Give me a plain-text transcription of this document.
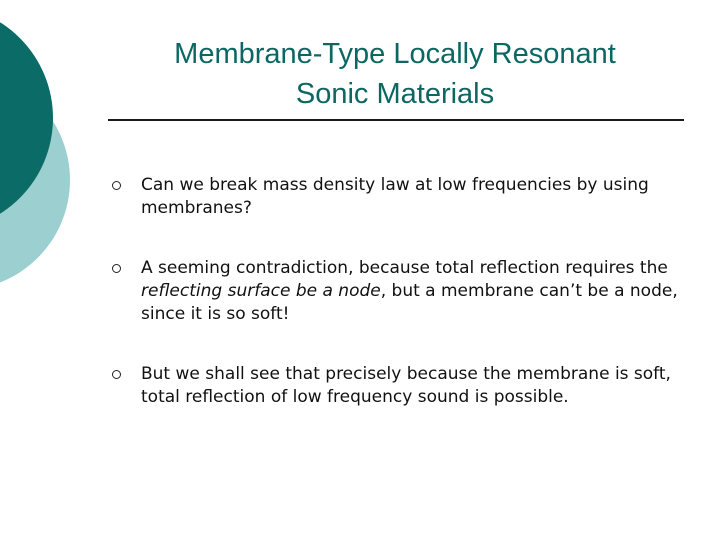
Membrane-Type Locally Resonant
Sonic Materials
Can we break mass density law at low frequencies by using membranes?
A seeming contradiction, because total reflection requires the reflecting surface be a node, but a membrane can’t be a node, since it is so soft!
But we shall see that precisely because the membrane is soft, total reflection of low frequency sound is possible.
